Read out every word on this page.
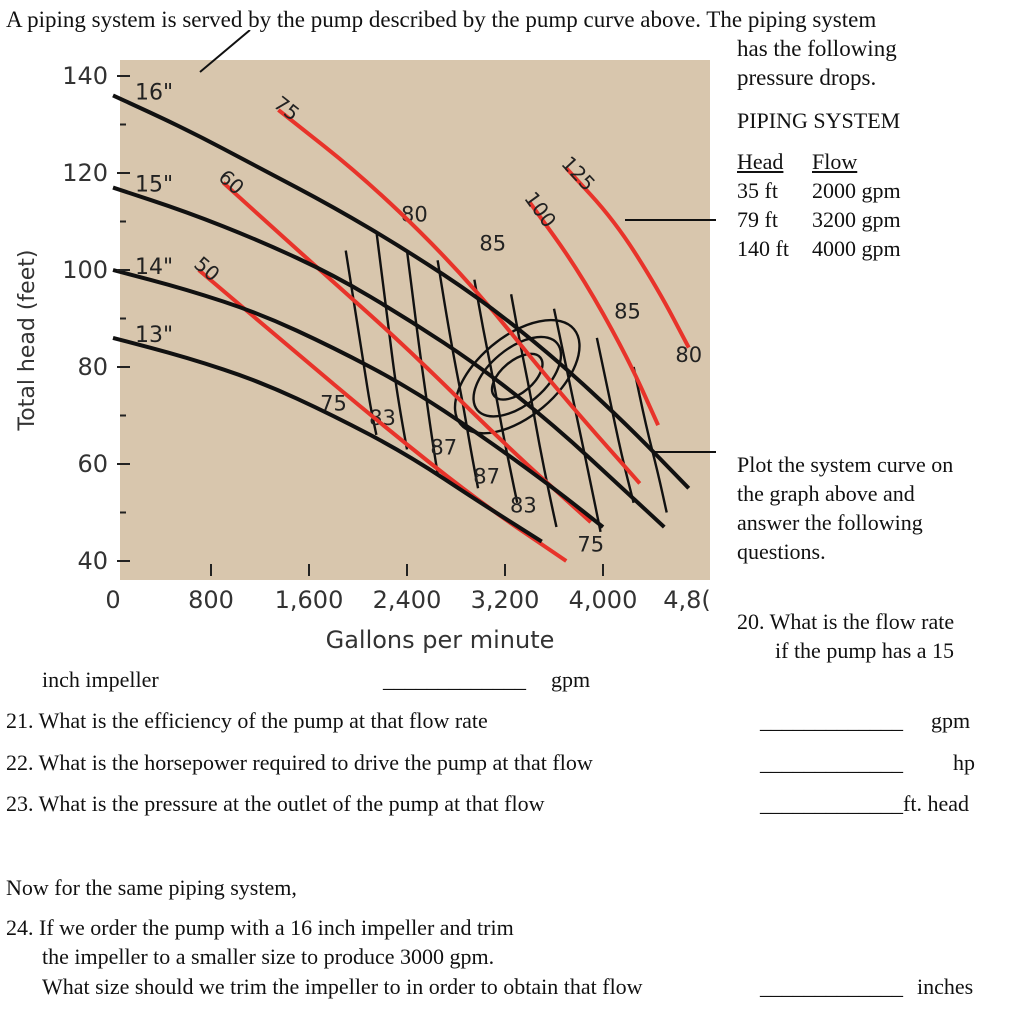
A piping system is served by the pump described by the pump curve above. The piping system
75
80
83
85
87
87
85
83
80
75
50
60
75
100
125
16"
15"
14"
13"
140
120
100
80
60
40
0	800 1,600 2,400 3,200 4,000 4,8(
Total head (feet)
Gallons per minute
has the following
pressure drops.
PIPING SYSTEM
Head Flow
35 ft 2000 gpm
79 ft 3200 gpm
140 ft 4000 gpm
Plot the system curve on
the graph above and
answer the following
questions.
20. What is the flow rate
if the pump has a 15
inch impeller	_____________ gpm
21. What is the efficiency of the pump at that flow rate	_____________ gpm
22. What is the horsepower required to drive the pump at that flow	_____________ hp
23. What is the pressure at the outlet of the pump at that flow	_____________ ft. head
Now for the same piping system,
24. If we order the pump with a 16 inch impeller and trim
the impeller to a smaller size to produce 3000 gpm.
What size should we trim the impeller to in order to obtain that flow	_____________ inches
